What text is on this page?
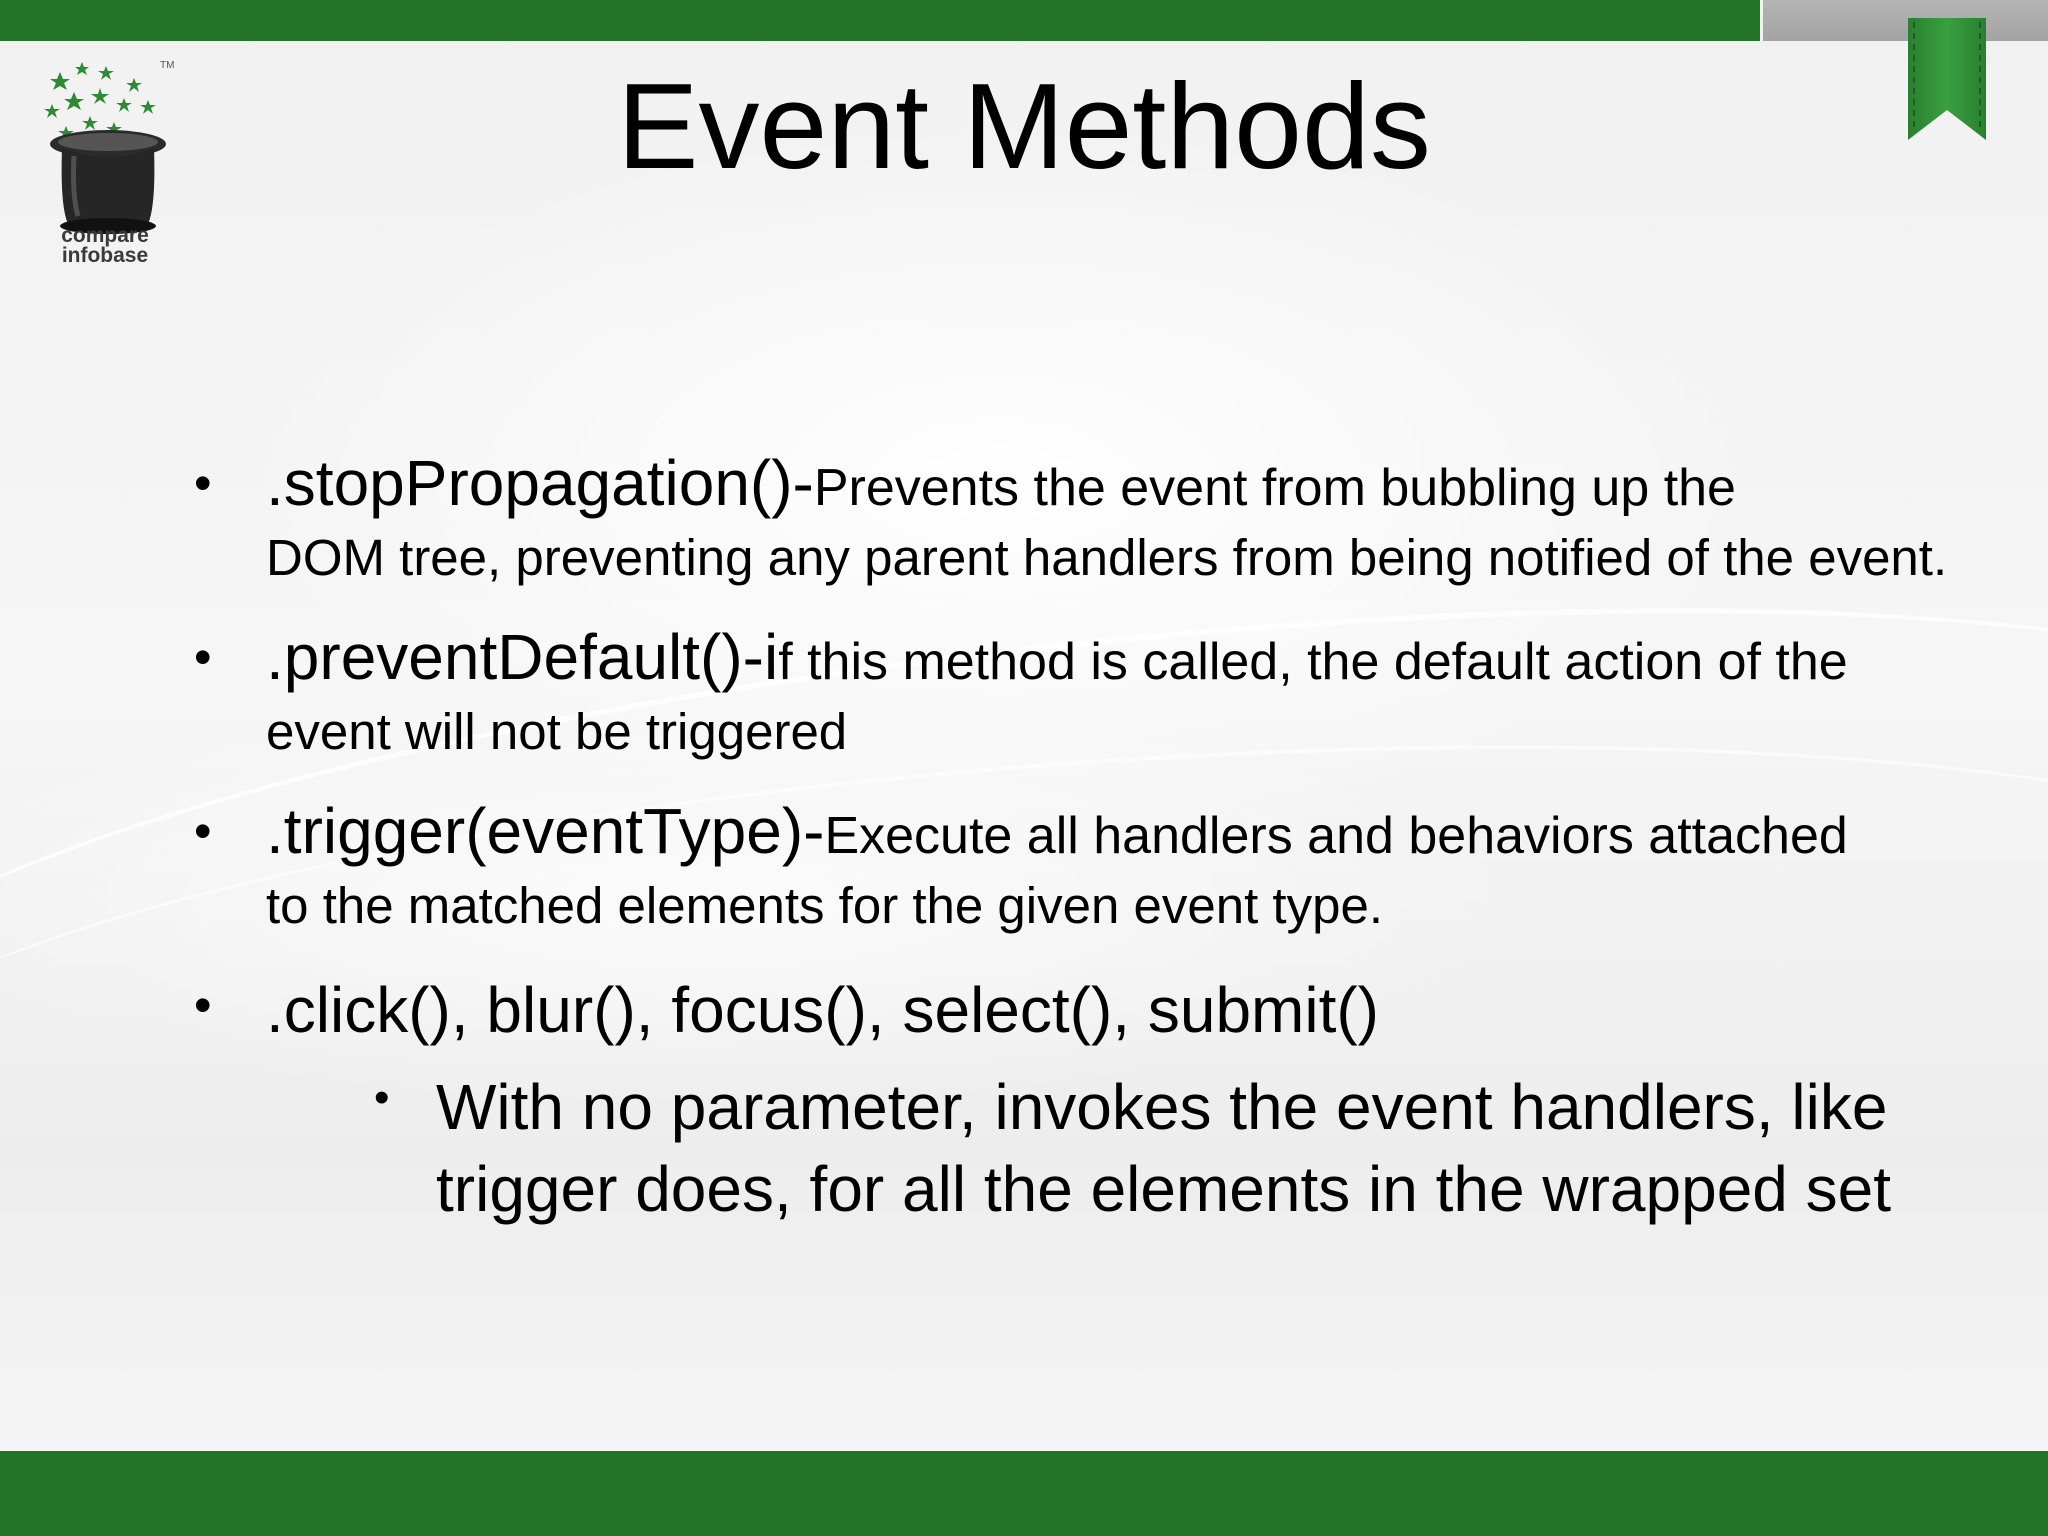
TM
compare
infobase
Event Methods
• .stopPropagation()-Prevents the event from bubbling up the
DOM tree, preventing any parent handlers from being notified of the event.
• .preventDefault()-if this method is called, the default action of the
event will not be triggered
• .trigger(eventType)-Execute all handlers and behaviors attached
to the matched elements for the given event type.
• .click(), blur(), focus(), select(), submit()
• With no parameter, invokes the event handlers, like trigger does, for all the elements in the wrapped set
